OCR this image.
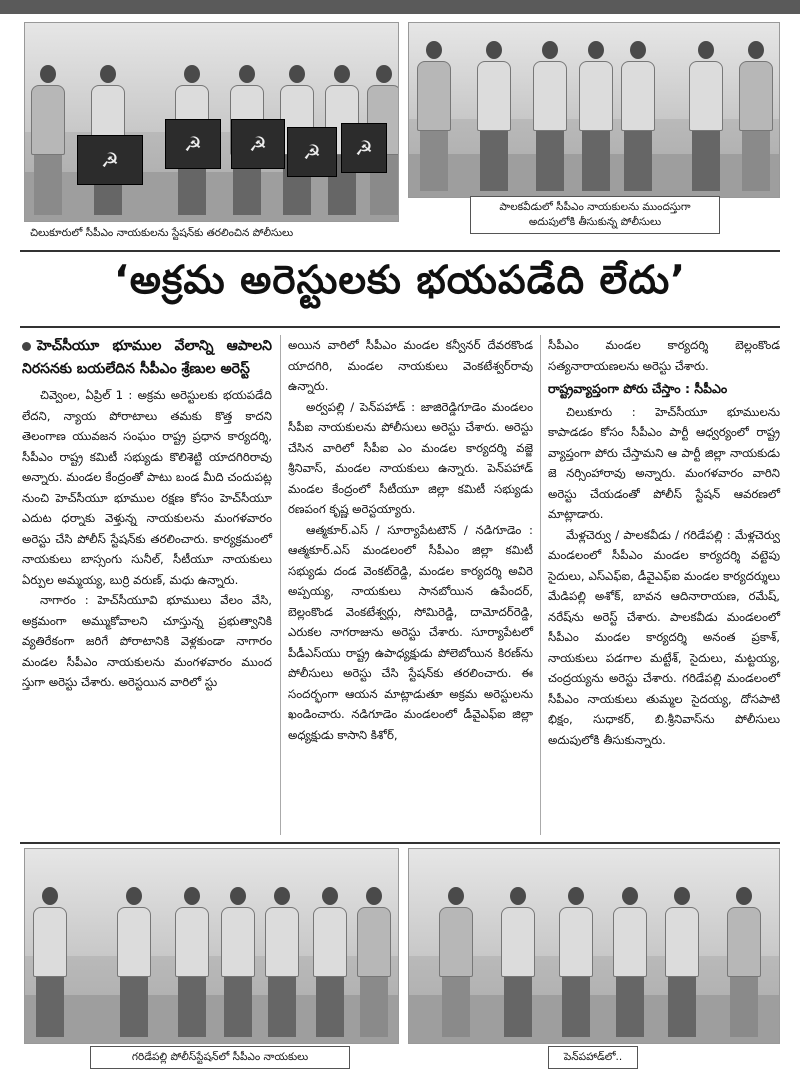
☭
☭ ☭ ☭ ☭
చిలుకూరులో సీపీఎం నాయకులను స్టేషన్‌కు తరలించిన పోలీసులు
పాలకవీడులో సీపీఎం నాయకులను ముందస్తుగా
అదుపులోకి తీసుకున్న పోలీసులు
‘అక్రమ అరెస్టులకు భయపడేది లేదు’
హెచ్‌సీయూ భూముల వేలాన్ని ఆపాలని నిరసనకు బయలేదిన సీపీఎం శ్రేణుల అరెస్ట్

చివ్వెంల, ఏప్రిల్ 1 : అక్రమ అరెస్టులకు భయపడేది లేదని, న్యాయ పోరాటాలు తమకు కొత్త కాదని తెలంగాణ యువజన సంఘం రాష్ట్ర ప్రధాన కార్యదర్శి, సీపీఎం రాష్ట్ర కమిటీ సభ్యుడు కొలిశెట్టి యాదగిరిరావు అన్నారు. మండల కేంద్రంతో పాటు బండ మీది చందుపట్ల నుంచి హెచ్‌సీయూ భూముల రక్షణ కోసం హెచ్‌సీయూ ఎదుట ధర్నాకు వెళ్తున్న నాయకులను మంగళవారం అరెస్టు చేసి పోలీస్ స్టేషన్‌కు తరలించారు. కార్యక్రమంలో నాయకులు బాస్సంగు సునీల్, సీటీయూ నాయకులు ఏర్పుల అమ్మయ్య, బుర్రి వరుణ్, మధు ఉన్నారు.

నాగారం : హెచ్‌సీయూవి భూములు వేలం వేసి, అక్రమంగా అమ్ముకోవాలని చూస్తున్న ప్రభుత్వానికి వ్యతిరేకంగా జరిగే పోరాటానికి వెళ్లకుండా నాగారం మండల సీపీఎం నాయకులను మంగళవారం ముంద స్తుగా అరెస్టు చేశారు. అరెస్టయిన వారిలో స్టు

అయిన వారిలో సీపీఎం మండల కన్వీనర్ దేవరకొండ యాదగిరి, మండల నాయకులు వెంకటేశ్వర్‌రావు ఉన్నారు.

అర్వపల్లి / పెన్‌పహాడ్ : జాజిరెడ్డిగూడెం మండలం సీపీఐ నాయకులను పోలీసులు అరెస్టు చేశారు. అరెస్టు చేసిన వారిలో సీపీఐ ఎం మండల కార్యదర్శి వజ్జె శ్రీనివాస్, మండల నాయకులు ఉన్నారు. పెన్‌పహాడ్ మండల కేంద్రంలో సీటీయూ జిల్లా కమిటీ సభ్యుడు రణపంగ కృష్ణ అరెస్టయ్యారు.

ఆత్మకూర్.ఎస్ / సూర్యాపేటటౌన్ / నడిగూడెం : ఆత్మకూర్.ఎస్ మండలంలో సీపీఎం జిల్లా కమిటీ సభ్యుడు దండ వెంకట్‌రెడ్డి, మండల కార్యదర్శి అవిరె అప్పయ్య, నాయకులు సానబోయిన ఉపేందర్, బెల్లంకొండ వెంకటేశ్వర్లు, సోమిరెడ్డి, దామోదర్‌రెడ్డి, ఎరుకల నాగరాజును అరెస్టు చేశారు. సూర్యాపేటలో పీడీఎస్‌యు రాష్ట్ర ఉపాధ్యక్షుడు పోలెబోయిన కిరణ్‌ను పోలీసులు అరెస్టు చేసి స్టేషన్‌కు తరలించారు. ఈ సందర్భంగా ఆయన మాట్లాడుతూ అక్రమ అరెస్టులను ఖండించారు. నడిగూడెం మండలంలో డీవైఎఫ్‌ఐ జిల్లా అధ్యక్షుడు కాసాని కిశోర్,

సీపీఎం మండల కార్యదర్శి బెల్లంకొండ సత్యనారాయణలను అరెస్టు చేశారు.

రాష్ట్రవ్యాప్తంగా పోరు చేస్తాం : సీపీఎం

చిలుకూరు : హెచ్‌సీయూ భూములను కాపాడడం కోసం సీపీఎం పార్టీ ఆధ్వర్యంలో రాష్ట్ర వ్యాప్తంగా పోరు చేస్తామని ఆ పార్టీ జిల్లా నాయకుడు జె నర్సింహారావు అన్నారు. మంగళవారం వారిని అరెస్టు చేయడంతో పోలీస్ స్టేషన్ ఆవరణలో మాట్లాడారు.

మేళ్లచెర్వు / పాలకవీడు / గరిడేపల్లి : మేళ్లచెర్వు మండలంలో సీపీఎం మండల కార్యదర్శి వట్టెపు సైదులు, ఎస్ఎఫ్‌ఐ, డీవైఎఫ్‌ఐ మండల కార్యదర్శులు మేడిపల్లి అశోక్, బావన ఆదినారాయణ, రమేష్, నరేష్‌ను అరెస్ట్ చేశారు. పాలకవీడు మండలంలో సీపీఎం మండల కార్యదర్శి అనంత ప్రకాశ్, నాయకులు పడగాల మట్టేశ్, సైదులు, మట్టయ్య, చంద్రయ్యను అరెస్టు చేశారు. గరిడేపల్లి మండలంలో సీపీఎం నాయకులు తుమ్మల సైదయ్య, దోసపాటి భిక్షం, సుధాకర్, బి.శ్రీనివాస్‌ను పోలీసులు అదుపులోకి తీసుకున్నారు.

గరిడేపల్లి పోలీస్‌స్టేషన్‌లో సీపీఎం నాయకులు	పెన్‌పహాడ్‌లో..
